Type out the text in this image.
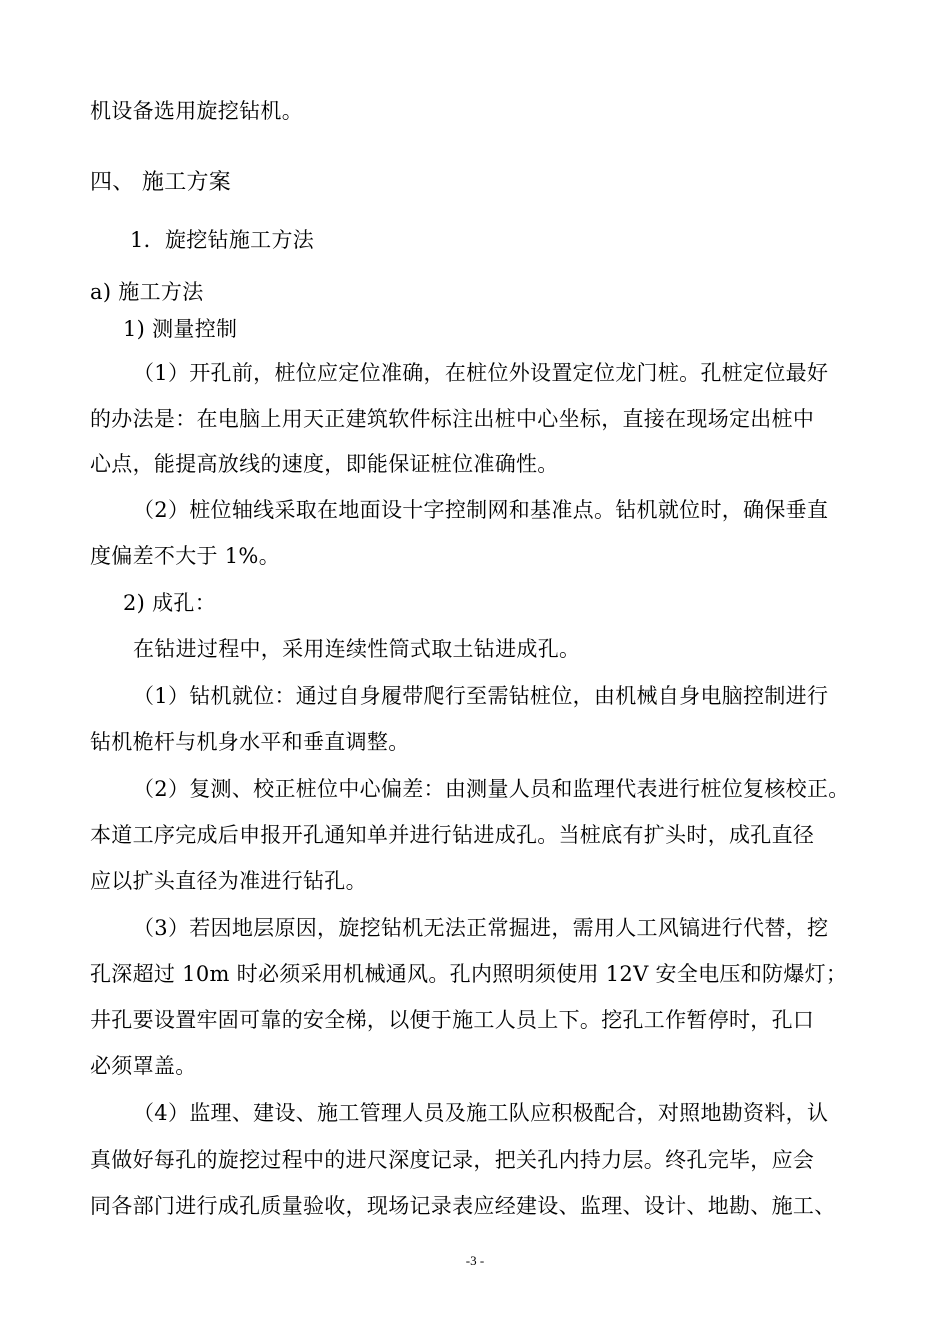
机设备选用旋挖钻机。
四、 施工方案
1．旋挖钻施工方法
a) 施工方法
1) 测量控制
（1）开孔前，桩位应定位准确，在桩位外设置定位龙门桩。孔桩定位最好
的办法是：在电脑上用天正建筑软件标注出桩中心坐标，直接在现场定出桩中
心点，能提高放线的速度，即能保证桩位准确性。
（2）桩位轴线采取在地面设十字控制网和基准点。钻机就位时，确保垂直
度偏差不大于 1%。
2) 成孔：
在钻进过程中，采用连续性筒式取土钻进成孔。
（1）钻机就位：通过自身履带爬行至需钻桩位，由机械自身电脑控制进行
钻机桅杆与机身水平和垂直调整。
（2）复测、校正桩位中心偏差：由测量人员和监理代表进行桩位复核校正。
本道工序完成后申报开孔通知单并进行钻进成孔。当桩底有扩头时，成孔直径
应以扩头直径为准进行钻孔。
（3）若因地层原因，旋挖钻机无法正常掘进，需用人工风镐进行代替，挖
孔深超过 10m 时必须采用机械通风。孔内照明须使用 12V 安全电压和防爆灯；
井孔要设置牢固可靠的安全梯，以便于施工人员上下。挖孔工作暂停时，孔口
必须罩盖。
（4）监理、建设、施工管理人员及施工队应积极配合，对照地勘资料，认
真做好每孔的旋挖过程中的进尺深度记录，把关孔内持力层。终孔完毕，应会
同各部门进行成孔质量验收，现场记录表应经建设、监理、设计、地勘、施工、
-3 -
